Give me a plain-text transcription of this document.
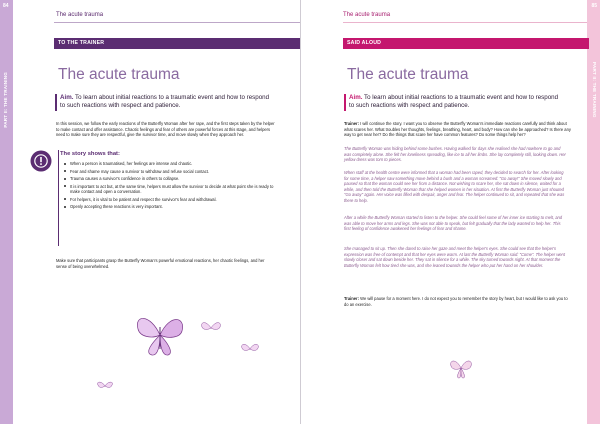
84
PART II: THE TRAINING
The acute trauma
TO THE TRAINER
The acute trauma
Aim. To learn about initial reactions to a traumatic event and how to respond to such reactions with respect and patience.
In this session, we follow the early reactions of the Butterfly Woman after her rape, and the first steps taken by the helper to make contact and offer assistance. Chaotic feelings and fear of others are powerful forces at this stage, and helpers need to make sure they are respectful, give the survivor time, and move slowly when they approach her.
The story shows that:
When a person is traumatised, her feelings are intense and chaotic.
Fear and shame may cause a survivor to withdraw and refuse social contact.
Trauma causes a survivor's confidence in others to collapse.
It is important to act but, at the same time, helpers must allow the survivor to decide at what point she is ready to make contact and open a conversation.
For helpers, it is vital to be patient and respect the survivor's fear and withdrawal.
Openly accepting these reactions is very important.
Make sure that participants grasp the Butterfly Woman's powerful emotional reactions, her chaotic feelings, and her sense of being overwhelmed.
85
PART II: THE TRAINING
The acute trauma
SAID ALOUD
The acute trauma
Aim. To learn about initial reactions to a traumatic event and how to respond to such reactions with respect and patience.
Trainer: I will continue the story. I want you to observe the Butterfly Woman's immediate reactions carefully and think about what scares her. What troubles her thoughts, feelings, breathing, heart, and body? How can she be approached? Is there any way to get near her? Do the things that scare her have common features? Do some things help her?
The Butterfly Woman was hiding behind some bushes. Having walked for days she realised she had nowhere to go and was completely alone. She felt her loneliness spreading, like ice to all her limbs. She lay completely still, looking down. Her yellow dress was torn to pieces.
When staff at the health centre were informed that a woman had been raped, they decided to search for her. After looking for some time, a helper saw something move behind a bush and a woman screamed: "Go away!" She moved slowly and paused so that the woman could see her from a distance. Not wishing to scare her, she sat down in silence, waited for a while, and then told the Butterfly Woman that she helped women in her situation. At first the Butterfly Woman just shouted "Go away" again. Her voice was filled with despair, anger and fear. The helper continued to sit, and repeated that she was there to help.
After a while the Butterfly Woman started to listen to the helper. She could feel some of her inner ice starting to melt, and was able to move her arms and legs. She was not able to speak, but felt gradually that the lady wanted to help her. This first feeling of confidence awakened her feelings of fear and shame.
She managed to sit up. Then she dared to raise her gaze and meet the helper's eyes. She could see that the helper's expression was free of contempt and that her eyes were warm. At last the Butterfly Woman said: "Come". The helper went slowly closer and sat down beside her. They sat in silence for a while. The sky turned towards night. At that moment the Butterfly Woman felt how tired she was, and she leaned towards the helper who put her hand on her shoulder.
Trainer: We will pause for a moment here. I do not expect you to remember the story by heart, but I would like to ask you to do an exercise.
